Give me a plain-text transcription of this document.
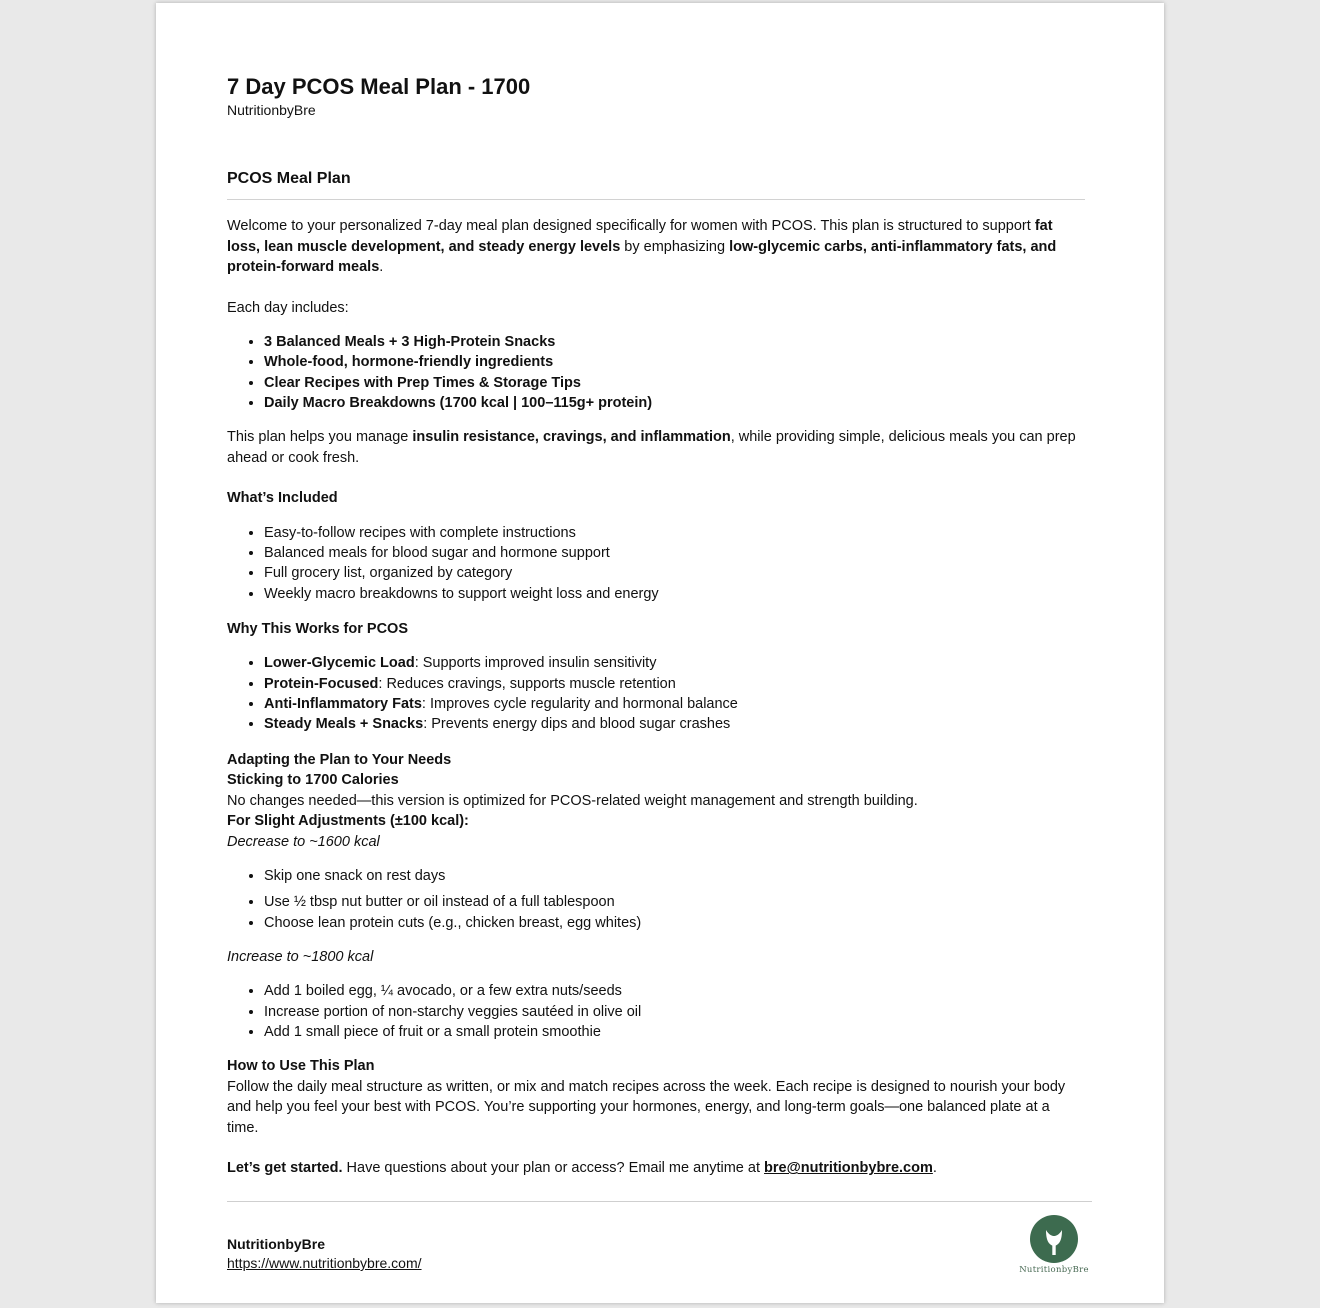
7 Day PCOS Meal Plan - 1700

NutritionbyBre

PCOS Meal Plan

Welcome to your personalized 7-day meal plan designed specifically for women with PCOS. This plan is structured to support fat loss, lean muscle development, and steady energy levels by emphasizing low-glycemic carbs, anti-inflammatory fats, and protein-forward meals.

Each day includes:

• 3 Balanced Meals + 3 High-Protein Snacks
• Whole-food, hormone-friendly ingredients
• Clear Recipes with Prep Times & Storage Tips
• Daily Macro Breakdowns (1700 kcal | 100–115g+ protein)

This plan helps you manage insulin resistance, cravings, and inflammation, while providing simple, delicious meals you can prep ahead or cook fresh.

What’s Included

• Easy-to-follow recipes with complete instructions
• Balanced meals for blood sugar and hormone support
• Full grocery list, organized by category
• Weekly macro breakdowns to support weight loss and energy

Why This Works for PCOS

• Lower-Glycemic Load: Supports improved insulin sensitivity
• Protein-Focused: Reduces cravings, supports muscle retention
• Anti-Inflammatory Fats: Improves cycle regularity and hormonal balance
• Steady Meals + Snacks: Prevents energy dips and blood sugar crashes

Adapting the Plan to Your Needs

Sticking to 1700 Calories

No changes needed—this version is optimized for PCOS-related weight management and strength building.

For Slight Adjustments (±100 kcal):

Decrease to ~1600 kcal

• Skip one snack on rest days
• Use ½ tbsp nut butter or oil instead of a full tablespoon
• Choose lean protein cuts (e.g., chicken breast, egg whites)

Increase to ~1800 kcal

• Add 1 boiled egg, ¼ avocado, or a few extra nuts/seeds
• Increase portion of non-starchy veggies sautéed in olive oil
• Add 1 small piece of fruit or a small protein smoothie

How to Use This Plan

Follow the daily meal structure as written, or mix and match recipes across the week. Each recipe is designed to nourish your body and help you feel your best with PCOS. You’re supporting your hormones, energy, and long-term goals—one balanced plate at a time.

Let’s get started. Have questions about your plan or access? Email me anytime at bre@nutritionbybre.com.

NutritionbyBre
https://www.nutritionbybre.com/	NutritionbyBre
